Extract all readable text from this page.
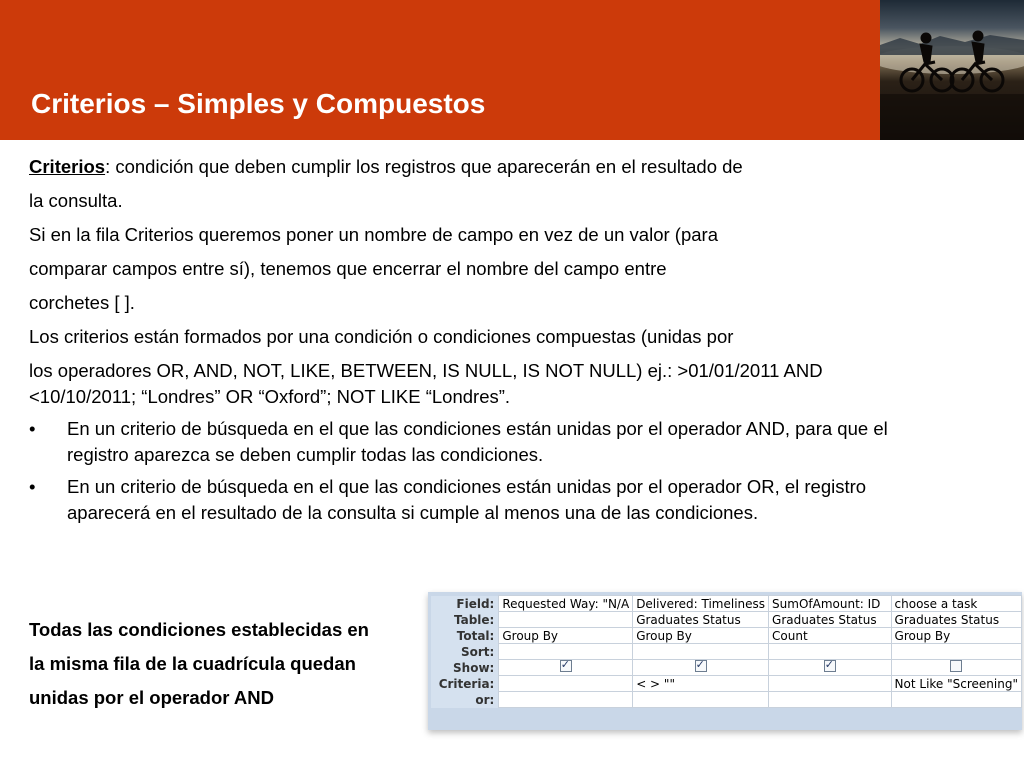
Criterios – Simples y Compuestos
Criterios: condición que deben cumplir los registros que aparecerán en el resultado de
la consulta.
Si en la fila Criterios queremos poner un nombre de campo en vez de un valor (para
comparar campos entre sí), tenemos que encerrar el nombre del campo entre
corchetes [ ].
Los criterios están formados por una condición o condiciones compuestas (unidas por
los operadores OR, AND, NOT, LIKE, BETWEEN, IS NULL, IS NOT NULL) ej.: >01/01/2011 AND
<10/10/2011; “Londres” OR “Oxford”; NOT LIKE “Londres”.
•	En un criterio de búsqueda en el que las condiciones están unidas por el operador AND, para que el registro aparezca se deben cumplir todas las condiciones.
•	En un criterio de búsqueda en el que las condiciones están unidas por el operador OR, el registro aparecerá en el resultado de la consulta si cumple al menos una de las condiciones.
Todas las condiciones establecidas en
la misma fila de la cuadrícula quedan
unidas por el operador AND
Field:	Requested Way: "N/A	Delivered: Timeliness	SumOfAmount: ID	choose a task
Table:		Graduates Status	Graduates Status	Graduates Status
Total:	Group By	Group By	Count	Group By
Sort:				
Show:	✓	✓	✓	
Criteria:		< > ""		Not Like "Screening"
or:				
